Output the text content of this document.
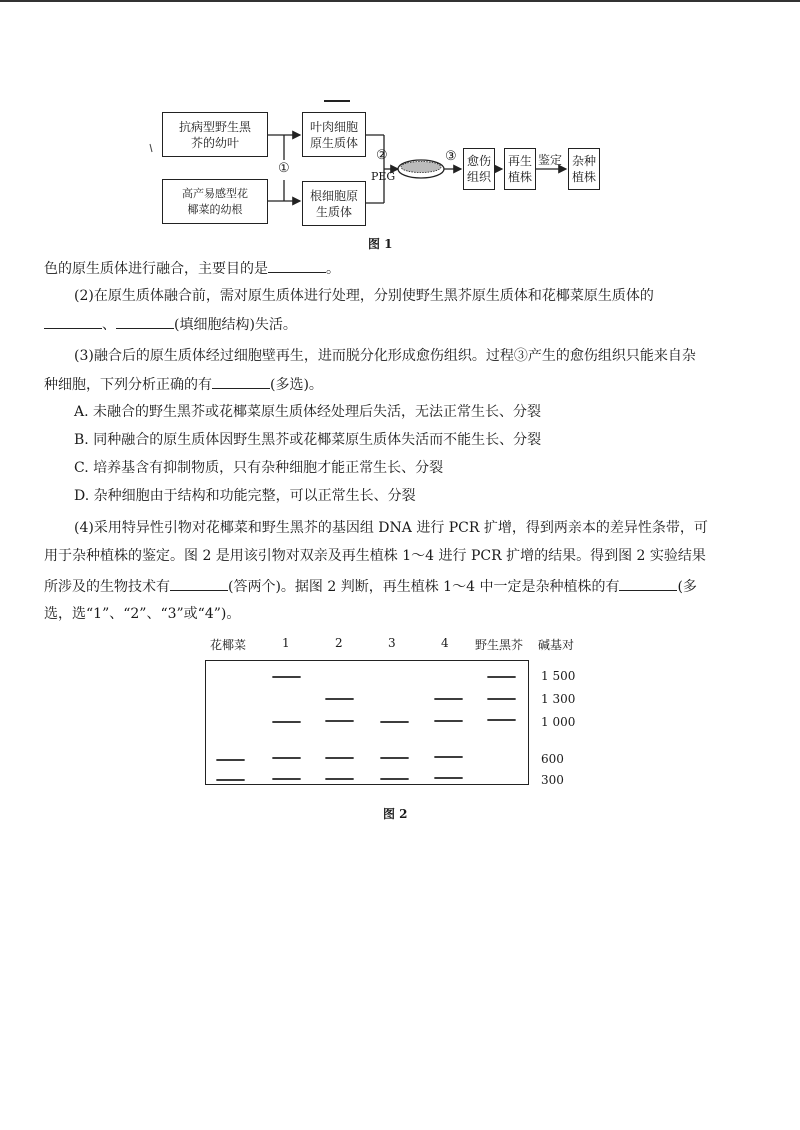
抗病型野生黑芥的幼叶
高产易感型花椰菜的幼根
叶肉细胞原生质体
根细胞原生质体
愈伤组织
再生植株
杂种植株
①
②
PEG
③	鉴定
图 1
色的原生质体进行融合，主要目的是	。
(2)在原生质体融合前，需对原生质体进行处理，分别使野生黑芥原生质体和花椰菜原生质体的
、	(填细胞结构)失活。
(3)融合后的原生质体经过细胞壁再生，进而脱分化形成愈伤组织。过程③产生的愈伤组织只能来自杂
种细胞，下列分析正确的有	(多选)。
A. 未融合的野生黑芥或花椰菜原生质体经处理后失活，无法正常生长、分裂
B. 同种融合的原生质体因野生黑芥或花椰菜原生质体失活而不能生长、分裂
C. 培养基含有抑制物质，只有杂种细胞才能正常生长、分裂
D. 杂种细胞由于结构和功能完整，可以正常生长、分裂
(4)采用特异性引物对花椰菜和野生黑芥的基因组 DNA 进行 PCR 扩增，得到两亲本的差异性条带，可
用于杂种植株的鉴定。图 2 是用该引物对双亲及再生植株 1～4 进行 PCR 扩增的结果。得到图 2 实验结果
所涉及的生物技术有	(答两个)。据图 2 判断，再生植株 1～4 中一定是杂种植株的有	(多
选，选“1”、“2”、“3”或“4”)。
花椰菜	1	2	3	4 野生黑芥 碱基对
1 500
1 300
1 000
600
300
图 2
